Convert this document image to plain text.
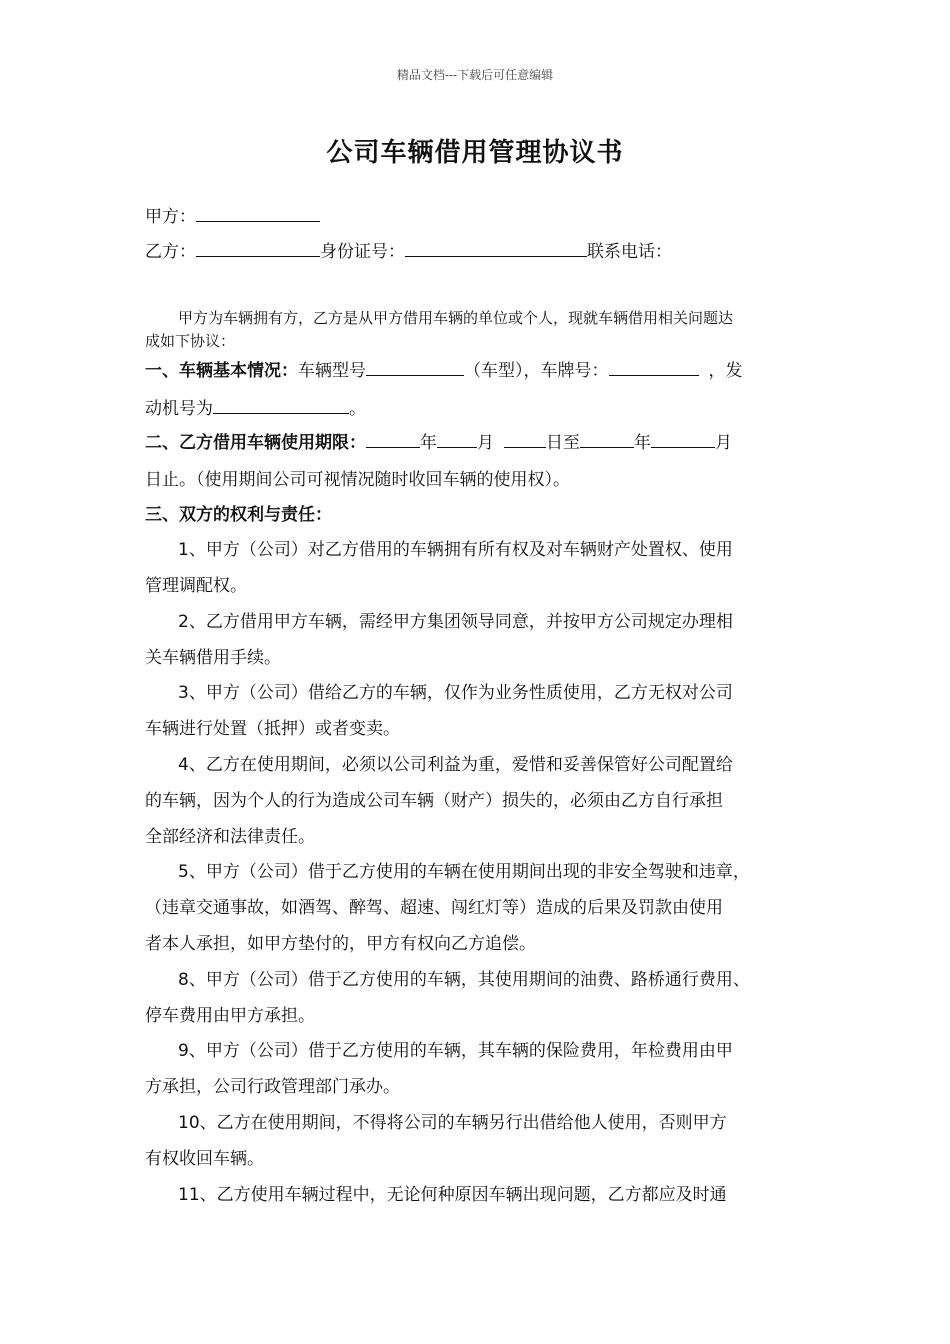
精品文档---下载后可任意编辑
公司车辆借用管理协议书
甲方：
乙方：	身份证号：	联系电话：
甲方为车辆拥有方，乙方是从甲方借用车辆的单位或个人，现就车辆借用相关问题达
成如下协议：
一、车辆基本情况：车辆型号	（车型），车牌号：	，发
动机号为	。
二、乙方借用车辆使用期限：	年 月	日至	年	月
日止。（使用期间公司可视情况随时收回车辆的使用权）。
三、双方的权利与责任：
1、甲方（公司）对乙方借用的车辆拥有所有权及对车辆财产处置权、使用
管理调配权。
2、乙方借用甲方车辆，需经甲方集团领导同意，并按甲方公司规定办理相
关车辆借用手续。
3、甲方（公司）借给乙方的车辆，仅作为业务性质使用，乙方无权对公司
车辆进行处置（抵押）或者变卖。
4、乙方在使用期间，必须以公司利益为重，爱惜和妥善保管好公司配置给
的车辆，因为个人的行为造成公司车辆（财产）损失的，必须由乙方自行承担
全部经济和法律责任。
5、甲方（公司）借于乙方使用的车辆在使用期间出现的非安全驾驶和违章，
（违章交通事故，如酒驾、醉驾、超速、闯红灯等）造成的后果及罚款由使用
者本人承担，如甲方垫付的，甲方有权向乙方追偿。
8、甲方（公司）借于乙方使用的车辆，其使用期间的油费、路桥通行费用、
停车费用由甲方承担。
9、甲方（公司）借于乙方使用的车辆，其车辆的保险费用，年检费用由甲
方承担，公司行政管理部门承办。
10、乙方在使用期间，不得将公司的车辆另行出借给他人使用，否则甲方
有权收回车辆。
11、乙方使用车辆过程中，无论何种原因车辆出现问题，乙方都应及时通
